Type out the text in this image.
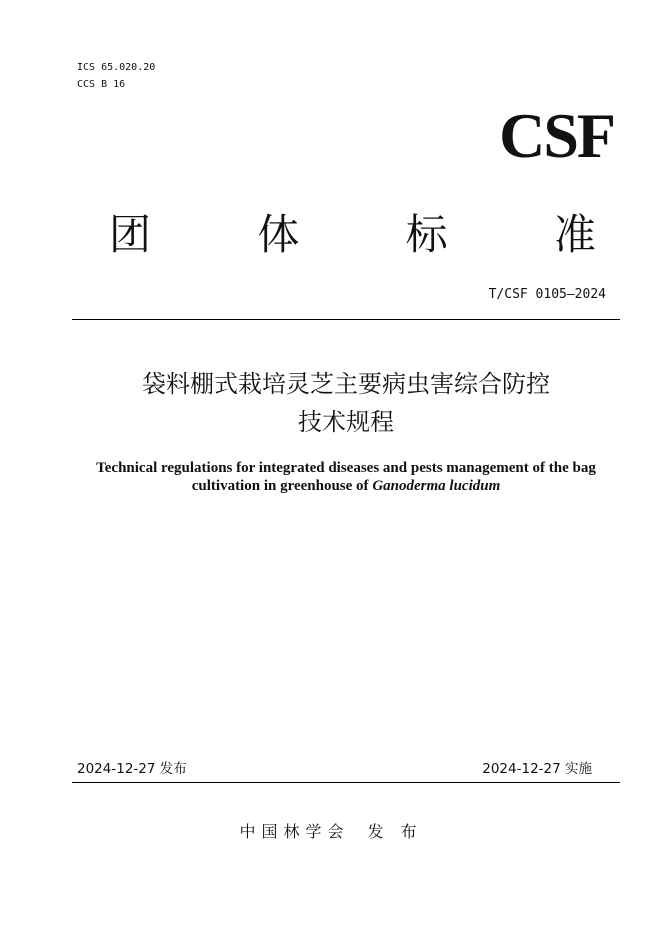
ICS 65.020.20
CCS B 16
CSF
团	体	标	准
T/CSF 0105—2024
袋料棚式栽培灵芝主要病虫害综合防控
技术规程
Technical regulations for integrated diseases and pests management of the bag
cultivation in greenhouse of Ganoderma lucidum
2024-12-27 发布	2024-12-27 实施
中国林学会 发 布
